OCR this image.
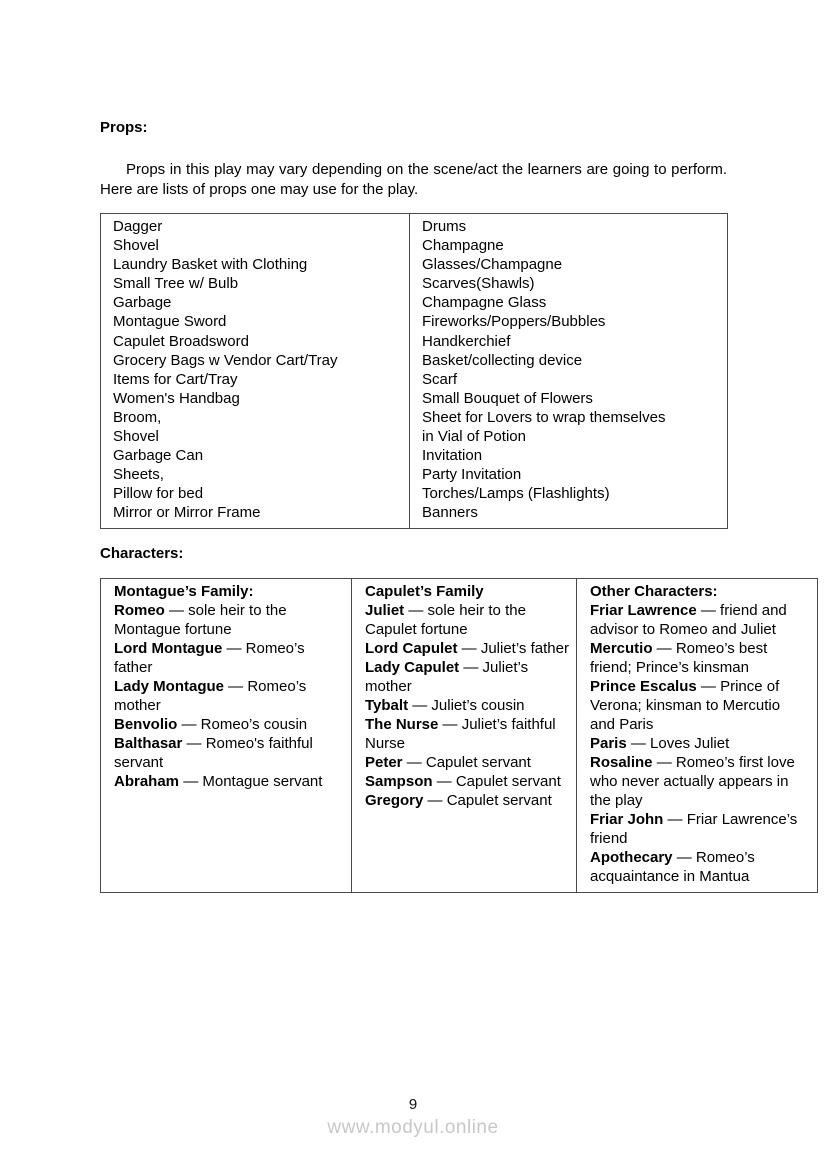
Props:

Props in this play may vary depending on the scene/act the learners are going to perform. Here are lists of props one may use for the play.

Dagger
Shovel
Laundry Basket with Clothing
Small Tree w/ Bulb
Garbage
Montague Sword
Capulet Broadsword
Grocery Bags w Vendor Cart/Tray
Items for Cart/Tray
Women's Handbag
Broom,
Shovel
Garbage Can
Sheets,
Pillow for bed
Mirror or Mirror Frame

Drums
Champagne
Glasses/Champagne
Scarves(Shawls)
Champagne Glass
Fireworks/Poppers/Bubbles
Handkerchief
Basket/collecting device
Scarf
Small Bouquet of Flowers
Sheet for Lovers to wrap themselves
in Vial of Potion
Invitation
Party Invitation
Torches/Lamps (Flashlights)
Banners

Characters:

Montague’s Family:
Romeo — sole heir to the Montague fortune
Lord Montague — Romeo’s father
Lady Montague — Romeo’s mother
Benvolio — Romeo’s cousin
Balthasar — Romeo's faithful servant
Abraham — Montague servant

Capulet’s Family
Juliet — sole heir to the Capulet fortune
Lord Capulet — Juliet’s father
Lady Capulet — Juliet’s mother
Tybalt — Juliet’s cousin
The Nurse — Juliet’s faithful Nurse
Peter — Capulet servant
Sampson — Capulet servant
Gregory — Capulet servant

Other Characters:
Friar Lawrence — friend and advisor to Romeo and Juliet
Mercutio — Romeo’s best friend; Prince’s kinsman
Prince Escalus — Prince of Verona; kinsman to Mercutio and Paris
Paris — Loves Juliet
Rosaline — Romeo’s first love who never actually appears in the play
Friar John — Friar Lawrence’s friend
Apothecary — Romeo’s acquaintance in Mantua
9
www.modyul.online
